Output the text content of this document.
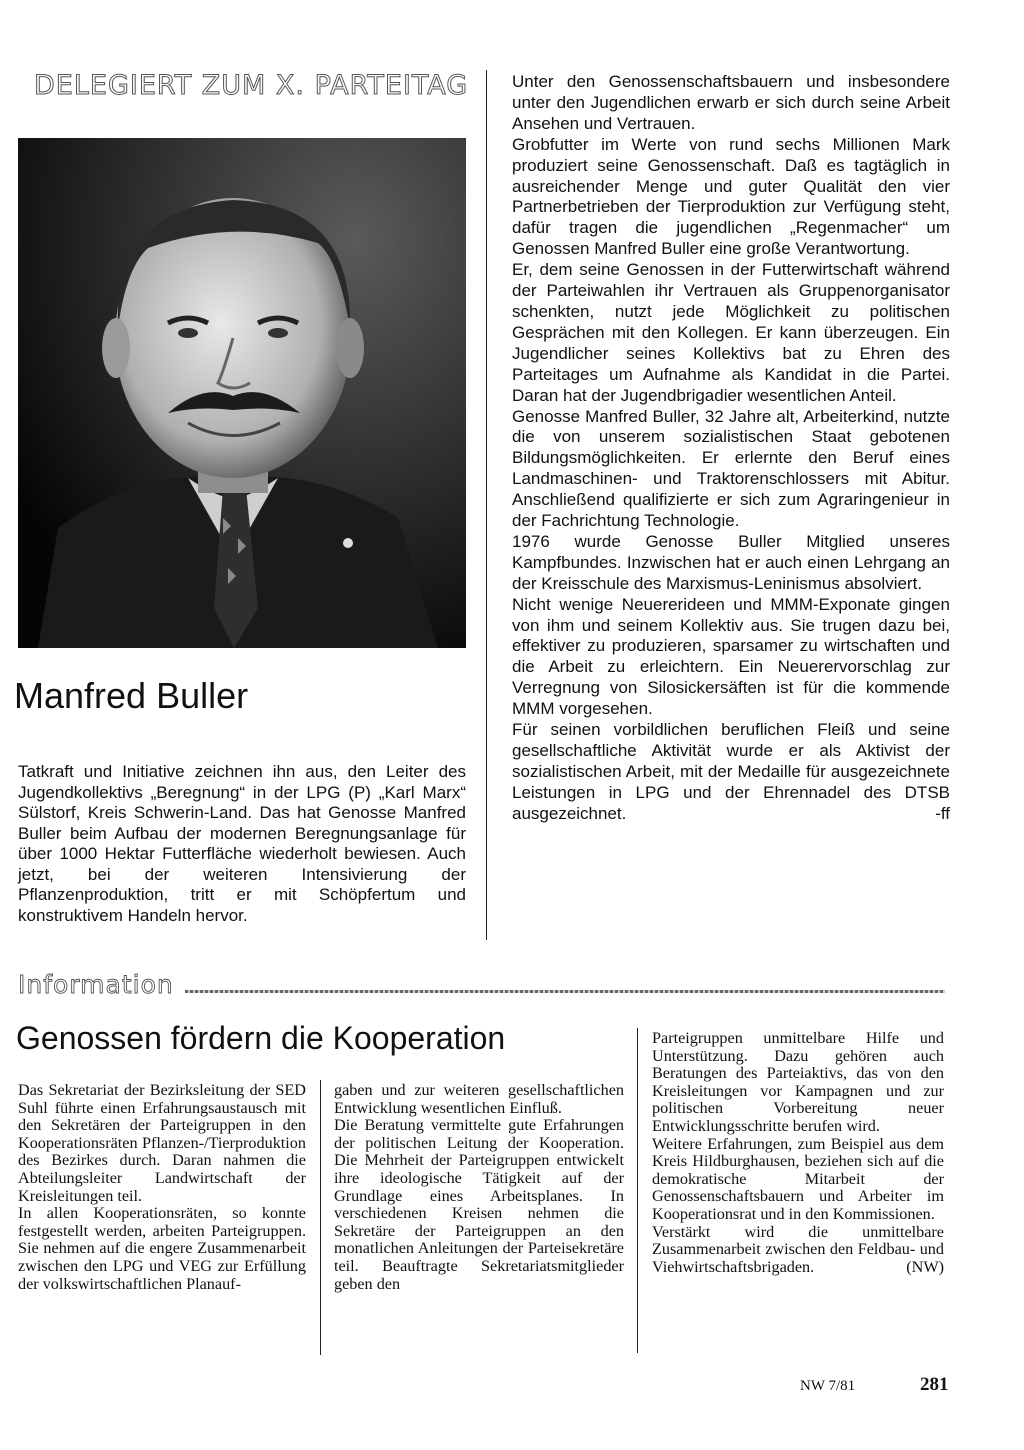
DELEGIERT ZUM X. PARTEITAG
Manfred Buller
Tatkraft und Initiative zeichnen ihn aus, den Leiter des Jugendkollektivs „Beregnung“ in der LPG (P) „Karl Marx“ Sülstorf, Kreis Schwerin-Land. Das hat Genosse Manfred Buller beim Aufbau der modernen Beregnungsanlage für über 1000 Hektar Futterfläche wiederholt bewiesen. Auch jetzt, bei der weiteren Intensivierung der Pflanzenproduktion, tritt er mit Schöpfertum und konstruktivem Handeln hervor.

Unter den Genossenschaftsbauern und insbesondere unter den Jugendlichen erwarb er sich durch seine Arbeit Ansehen und Vertrauen.

Grobfutter im Werte von rund sechs Millionen Mark produziert seine Genossenschaft. Daß es tagtäglich in ausreichender Menge und guter Qualität den vier Partnerbetrieben der Tierproduktion zur Verfügung steht, dafür tragen die jugendlichen „Regenmacher“ um Genossen Manfred Buller eine große Verantwortung.

Er, dem seine Genossen in der Futterwirtschaft während der Parteiwahlen ihr Vertrauen als Gruppenorganisator schenkten, nutzt jede Möglichkeit zu politischen Gesprächen mit den Kollegen. Er kann überzeugen. Ein Jugendlicher seines Kollektivs bat zu Ehren des Parteitages um Aufnahme als Kandidat in die Partei. Daran hat der Jugendbrigadier wesentlichen Anteil.

Genosse Manfred Buller, 32 Jahre alt, Arbeiterkind, nutzte die von unserem sozialistischen Staat gebotenen Bildungsmöglichkeiten. Er erlernte den Beruf eines Landmaschinen- und Traktorenschlossers mit Abitur. Anschließend qualifizierte er sich zum Agraringenieur in der Fachrichtung Technologie.

1976 wurde Genosse Buller Mitglied unseres Kampfbundes. Inzwischen hat er auch einen Lehrgang an der Kreisschule des Marxismus-Leninismus absolviert.

Nicht wenige Neuererideen und MMM-Exponate gingen von ihm und seinem Kollektiv aus. Sie trugen dazu bei, effektiver zu produzieren, sparsamer zu wirtschaften und die Arbeit zu erleichtern. Ein Neuerervorschlag zur Verregnung von Silosickersäften ist für die kommende MMM vorgesehen.

Für seinen vorbildlichen beruflichen Fleiß und seine gesellschaftliche Aktivität wurde er als Aktivist der sozialistischen Arbeit, mit der Medaille für ausgezeichnete Leistungen in LPG und der Ehrennadel des DTSB ausgezeichnet.	-ff

Information
Genossen fördern die Kooperation

Das Sekretariat der Bezirksleitung der SED Suhl führte einen Erfahrungsaustausch mit den Sekretären der Parteigruppen in den Kooperationsräten Pflanzen-/Tierproduktion des Bezirkes durch. Daran nahmen die Abteilungsleiter Landwirtschaft der Kreisleitungen teil.

In allen Kooperationsräten, so konnte festgestellt werden, arbeiten Parteigruppen. Sie nehmen auf die engere Zusammenarbeit zwischen den LPG und VEG zur Erfüllung der volkswirtschaftlichen Planauf-

gaben und zur weiteren gesellschaftlichen Entwicklung wesentlichen Einfluß.

Die Beratung vermittelte gute Erfahrungen der politischen Leitung der Kooperation. Die Mehrheit der Parteigruppen entwickelt ihre ideologische Tätigkeit auf der Grundlage eines Arbeitsplanes. In verschiedenen Kreisen nehmen die Sekretäre der Parteigruppen an den monatlichen Anleitungen der Parteisekretäre teil. Beauftragte Sekretariatsmitglieder geben den

Parteigruppen unmittelbare Hilfe und Unterstützung. Dazu gehören auch Beratungen des Parteiaktivs, das von den Kreisleitungen vor Kampagnen und zur politischen Vorbereitung neuer Entwicklungsschritte berufen wird.

Weitere Erfahrungen, zum Beispiel aus dem Kreis Hildburghausen, beziehen sich auf die demokratische Mitarbeit der Genossenschaftsbauern und Arbeiter im Kooperationsrat und in den Kommissionen.

Verstärkt wird die unmittelbare Zusammenarbeit zwischen den Feldbau- und Viehwirtschaftsbrigaden.	(NW)

NW 7/81	281
